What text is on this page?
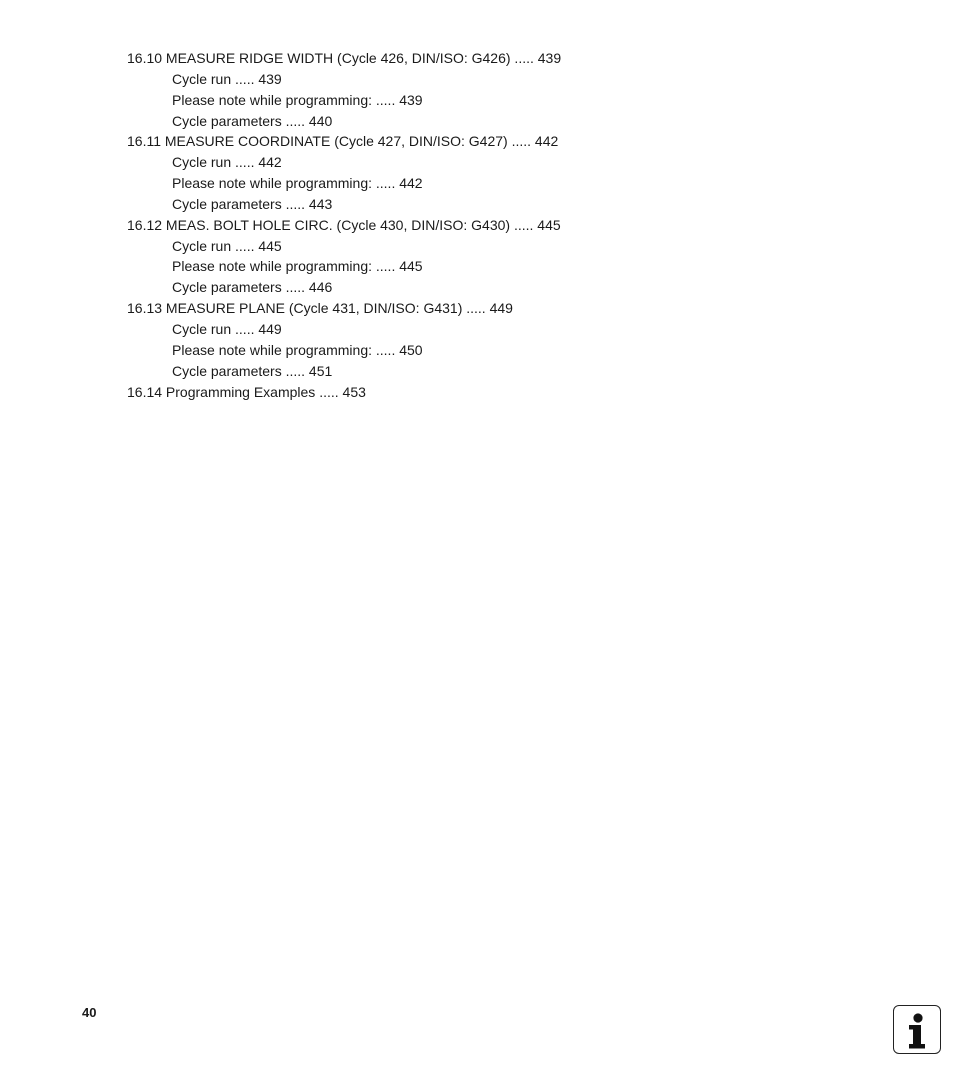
16.10 MEASURE RIDGE WIDTH (Cycle 426, DIN/ISO: G426) ..... 439
Cycle run ..... 439
Please note while programming: ..... 439
Cycle parameters ..... 440
16.11 MEASURE COORDINATE (Cycle 427, DIN/ISO: G427) ..... 442
Cycle run ..... 442
Please note while programming: ..... 442
Cycle parameters ..... 443
16.12 MEAS. BOLT HOLE CIRC. (Cycle 430, DIN/ISO: G430) ..... 445
Cycle run ..... 445
Please note while programming: ..... 445
Cycle parameters ..... 446
16.13 MEASURE PLANE (Cycle 431, DIN/ISO: G431) ..... 449
Cycle run ..... 449
Please note while programming: ..... 450
Cycle parameters ..... 451
16.14 Programming Examples ..... 453
40
